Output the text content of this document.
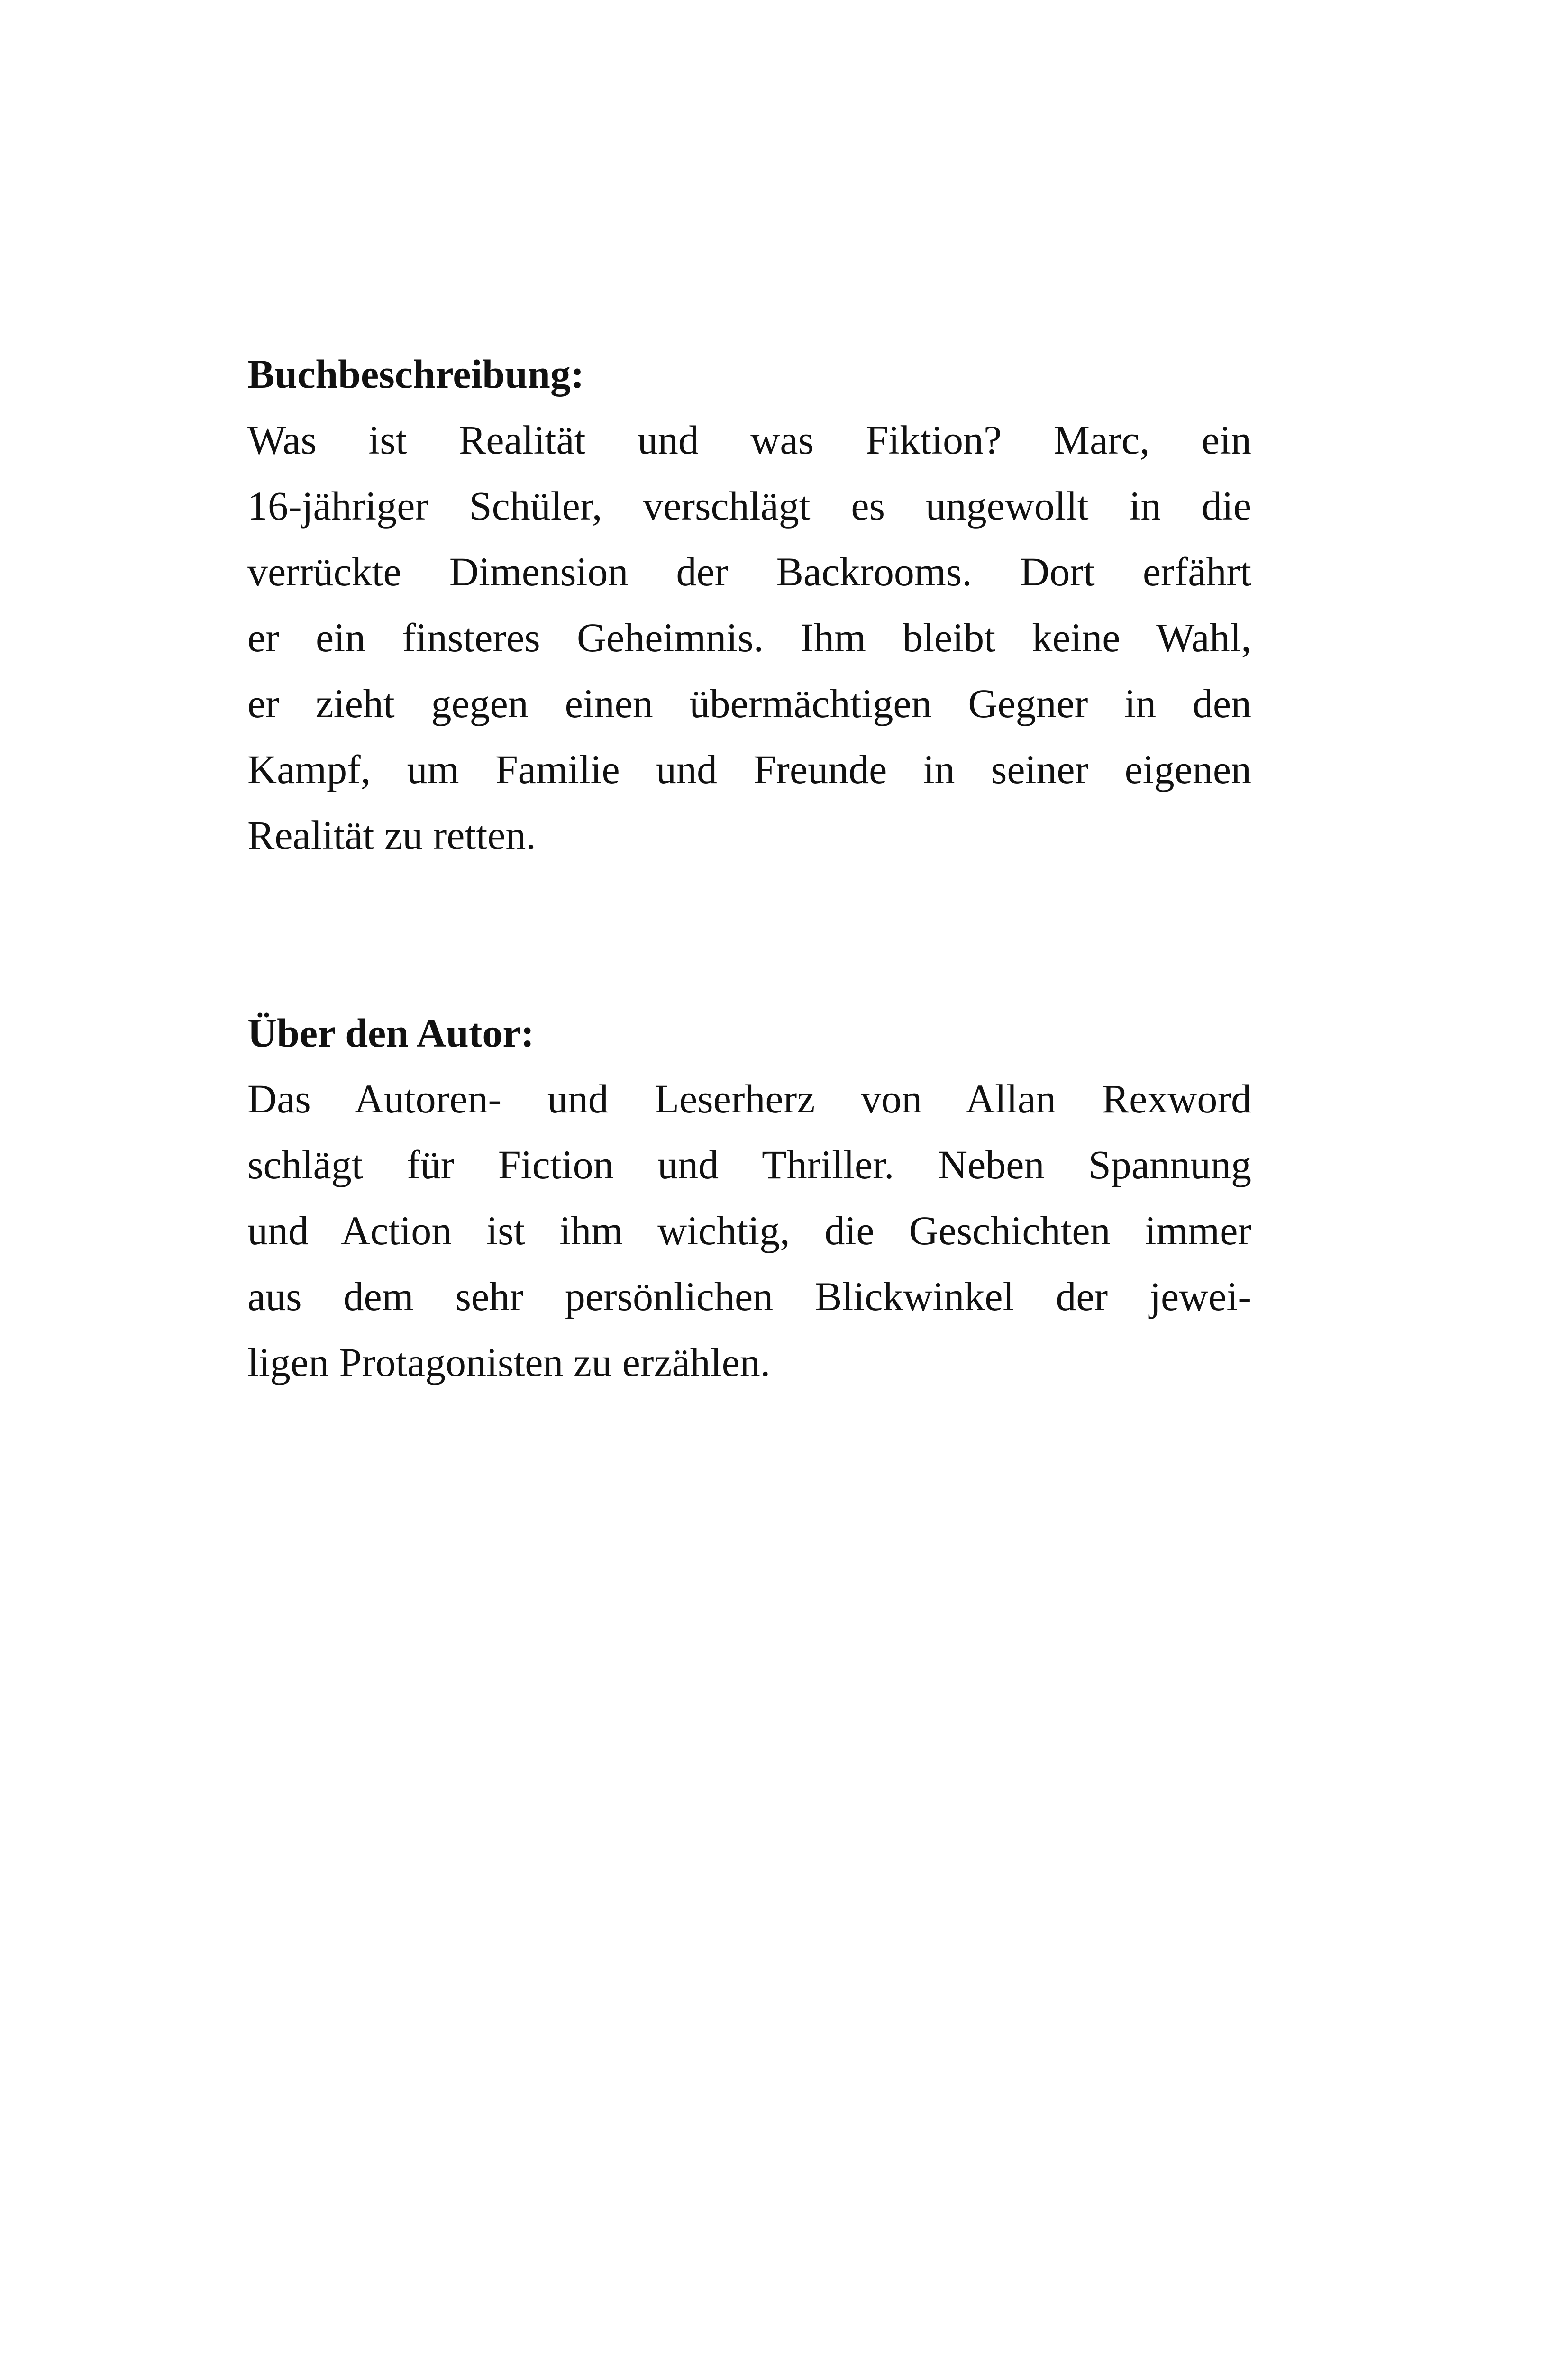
Buchbeschreibung:
Was ist Realität und was Fiktion? Marc, ein
16-jähriger Schüler, verschlägt es ungewollt in die
verrückte Dimension der Backrooms. Dort erfährt
er ein finsteres Geheimnis. Ihm bleibt keine Wahl,
er zieht gegen einen übermächtigen Gegner in den
Kampf, um Familie und Freunde in seiner eigenen
Realität zu retten.
Über den Autor:
Das Autoren- und Leserherz von Allan Rexword
schlägt für Fiction und Thriller. Neben Spannung
und Action ist ihm wichtig, die Geschichten immer
aus dem sehr persönlichen Blickwinkel der jewei-
ligen Protagonisten zu erzählen.
